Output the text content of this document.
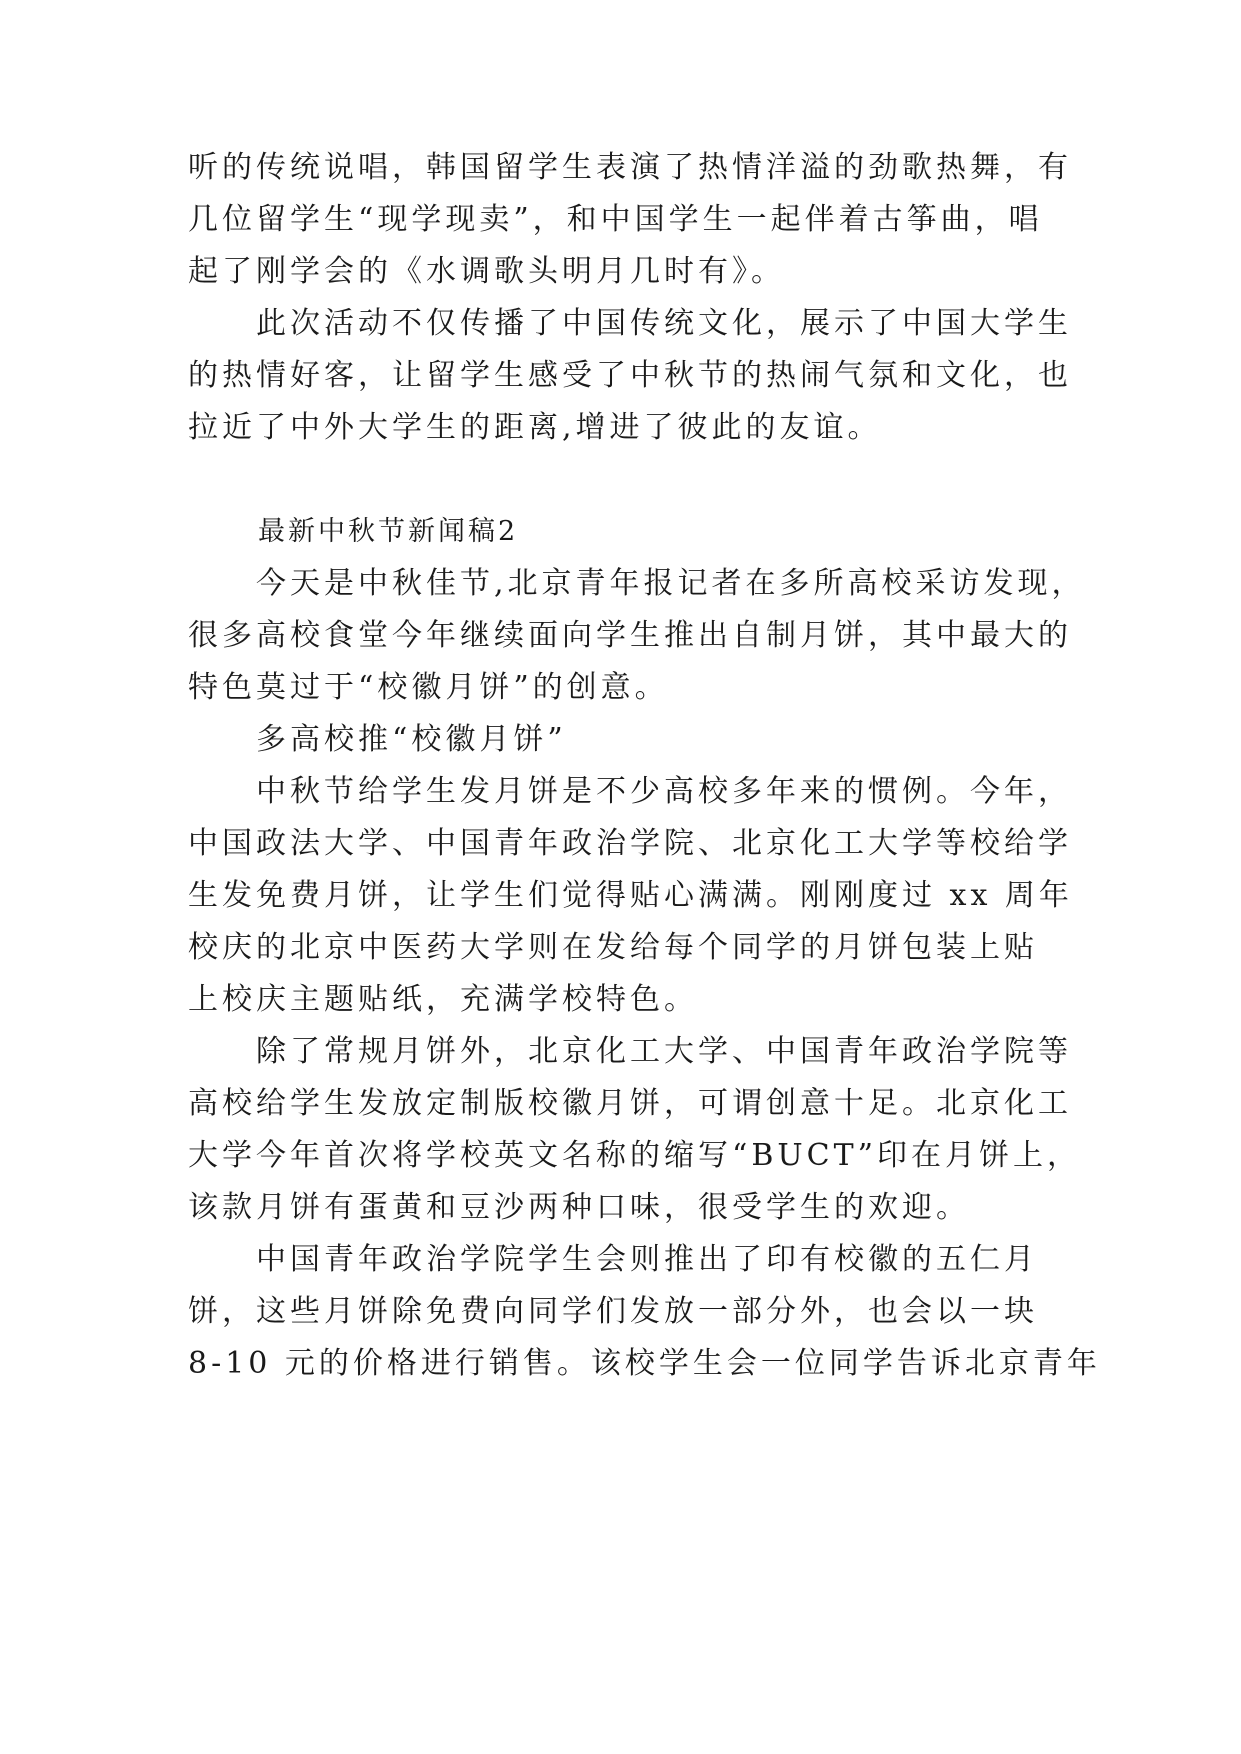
听的传统说唱，韩国留学生表演了热情洋溢的劲歌热舞，有
几位留学生“现学现卖”，和中国学生一起伴着古筝曲，唱
起了刚学会的《水调歌头明月几时有》。
　　此次活动不仅传播了中国传统文化，展示了中国大学生
的热情好客，让留学生感受了中秋节的热闹气氛和文化，也
拉近了中外大学生的距离,增进了彼此的友谊。
最新中秋节新闻稿2
　　今天是中秋佳节,北京青年报记者在多所高校采访发现，
很多高校食堂今年继续面向学生推出自制月饼，其中最大的
特色莫过于“校徽月饼”的创意。
　　多高校推“校徽月饼”
　　中秋节给学生发月饼是不少高校多年来的惯例。今年，
中国政法大学、中国青年政治学院、北京化工大学等校给学
生发免费月饼，让学生们觉得贴心满满。刚刚度过 xx 周年
校庆的北京中医药大学则在发给每个同学的月饼包装上贴
上校庆主题贴纸，充满学校特色。
　　除了常规月饼外，北京化工大学、中国青年政治学院等
高校给学生发放定制版校徽月饼，可谓创意十足。北京化工
大学今年首次将学校英文名称的缩写“BUCT”印在月饼上，
该款月饼有蛋黄和豆沙两种口味，很受学生的欢迎。
　　中国青年政治学院学生会则推出了印有校徽的五仁月
饼，这些月饼除免费向同学们发放一部分外，也会以一块
8-10 元的价格进行销售。该校学生会一位同学告诉北京青年
